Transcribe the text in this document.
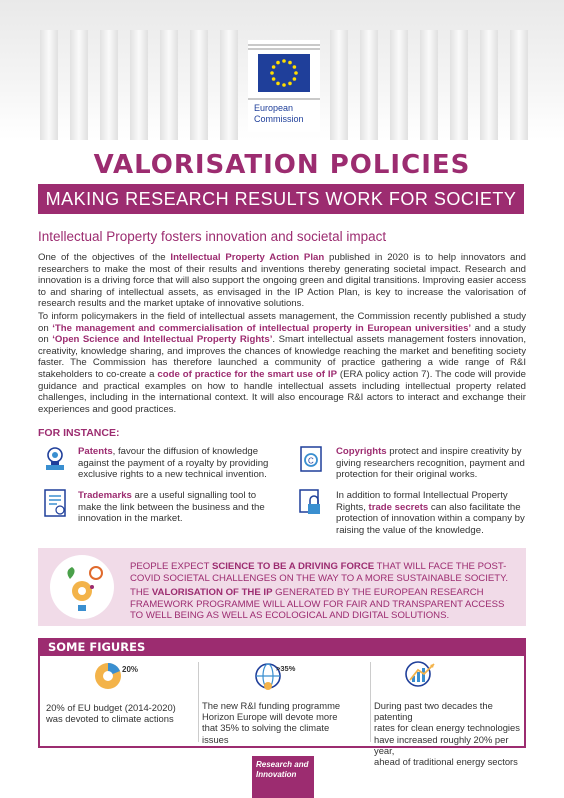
European
Commission
VALORISATION POLICIES
MAKING RESEARCH RESULTS WORK FOR SOCIETY
Intellectual Property fosters innovation and societal impact
One of the objectives of the Intellectual Property Action Plan published in 2020 is to help innovators and researchers to make the most of their results and inventions thereby generating societal impact. Research and innovation is a driving force that will also support the ongoing green and digital transitions. Improving easier access to and sharing of intellectual assets, as envisaged in the IP Action Plan, is key to increase the valorisation of research results and the market uptake of innovative solutions.
To inform policymakers in the field of intellectual assets management, the Commission recently published a study on ‘The management and commercialisation of intellectual property in European universities’ and a study on ‘Open Science and Intellectual Property Rights’. Smart intellectual assets management fosters innovation, creativity, knowledge sharing, and improves the chances of knowledge reaching the market and benefiting society faster. The Commission has therefore launched a community of practice gathering a wide range of R&I stakeholders to co-create a code of practice for the smart use of IP (ERA policy action 7). The code will provide guidance and practical examples on how to handle intellectual assets including intellectual property related challenges, including in the international context. It will also encourage R&I actors to interact and exchange their experiences and good practices.
FOR INSTANCE:
Patents, favour the diffusion of knowledge against the payment of a royalty by providing exclusive rights to a new technical invention.
C
Copyrights protect and inspire creativity by giving researchers recognition, payment and protection for their original works.
Trademarks are a useful signalling tool to make the link between the business and the innovation in the market.
In addition to formal Intellectual Property Rights, trade secrets can also facilitate the protection of innovation within a company by raising the value of the knowledge.
PEOPLE EXPECT SCIENCE TO BE A DRIVING FORCE THAT WILL FACE THE POST-COVID SOCIETAL CHALLENGES ON THE WAY TO A MORE SUSTAINABLE SOCIETY.
THE VALORISATION OF THE IP GENERATED BY THE EUROPEAN RESEARCH FRAMEWORK PROGRAMME WILL ALLOW FOR FAIR AND TRANSPARENT ACCESS TO WELL BEING AS WELL AS ECOLOGICAL AND DIGITAL SOLUTIONS.
SOME FIGURES
20%
20% of EU budget (2014-2020)
was devoted to climate actions
>35%
The new R&I funding programme
Horizon Europe will devote more
that 35% to solving the climate
issues
During past two decades the patenting
rates for clean energy technologies
have increased roughly 20% per year,
ahead of traditional energy sectors
Research and
Innovation
